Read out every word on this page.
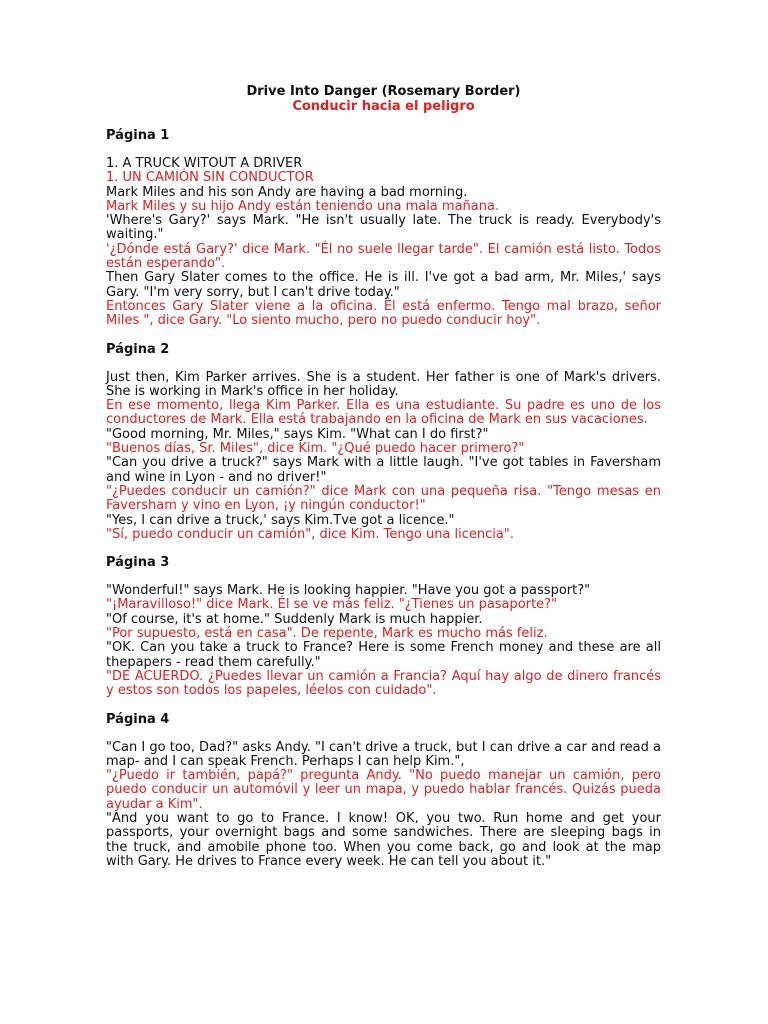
Drive Into Danger (Rosemary Border)
Conducir hacia el peligro
Página 1

1. A TRUCK WITOUT A DRIVER

1. UN CAMIÓN SIN CONDUCTOR

Mark Miles and his son Andy are having a bad morning.

Mark Miles y su hijo Andy están teniendo una mala mañana.

'Where's Gary?' says Mark. "He isn't usually late. The truck is ready. Everybody's waiting."

'¿Dónde está Gary?' dice Mark. "Él no suele llegar tarde". El camión está listo. Todos están esperando".

Then Gary Slater comes to the office. He is ill. I've got a bad arm, Mr. Miles,' says Gary. "I'm very sorry, but I can't drive today."

Entonces Gary Slater viene a la oficina. Él está enfermo. Tengo mal brazo, señor Miles ", dice Gary. "Lo siento mucho, pero no puedo conducir hoy".

Página 2

Just then, Kim Parker arrives. She is a student. Her father is one of Mark's drivers. She is working in Mark's office in her holiday.

En ese momento, llega Kim Parker. Ella es una estudiante. Su padre es uno de los conductores de Mark. Ella está trabajando en la oficina de Mark en sus vacaciones.

"Good morning, Mr. Miles," says Kim. "What can I do first?"

"Buenos días, Sr. Miles", dice Kim. "¿Qué puedo hacer primero?"

"Can you drive a truck?" says Mark with a little laugh. "I've got tables in Faversham and wine in Lyon - and no driver!"

"¿Puedes conducir un camión?" dice Mark con una pequeña risa. "Tengo mesas en Faversham y vino en Lyon, ¡y ningún conductor!"

"Yes, I can drive a truck,' says Kim.Tve got a licence."

"Sí, puedo conducir un camión", dice Kim. Tengo una licencia".

Página 3

"Wonderful!" says Mark. He is looking happier. "Have you got a passport?"

"¡Maravilloso!" dice Mark. Él se ve más feliz. "¿Tienes un pasaporte?"

"Of course, it's at home." Suddenly Mark is much happier.

"Por supuesto, está en casa". De repente, Mark es mucho más feliz.

"OK. Can you take a truck to France? Here is some French money and these are all thepapers - read them carefully."

"DE ACUERDO. ¿Puedes llevar un camión a Francia? Aquí hay algo de dinero francés y estos son todos los papeles, léelos con cuidado".

Página 4

"Can I go too, Dad?" asks Andy. "I can't drive a truck, but I can drive a car and read a map- and I can speak French. Perhaps I can help Kim.",

"¿Puedo ir también, papá?" pregunta Andy. "No puedo manejar un camión, pero puedo conducir un automóvil y leer un mapa, y puedo hablar francés. Quizás pueda ayudar a Kim".

"And you want to go to France. I know! OK, you two. Run home and get your passports, your overnight bags and some sandwiches. There are sleeping bags in the truck, and amobile phone too. When you come back, go and look at the map with Gary. He drives to France every week. He can tell you about it."
